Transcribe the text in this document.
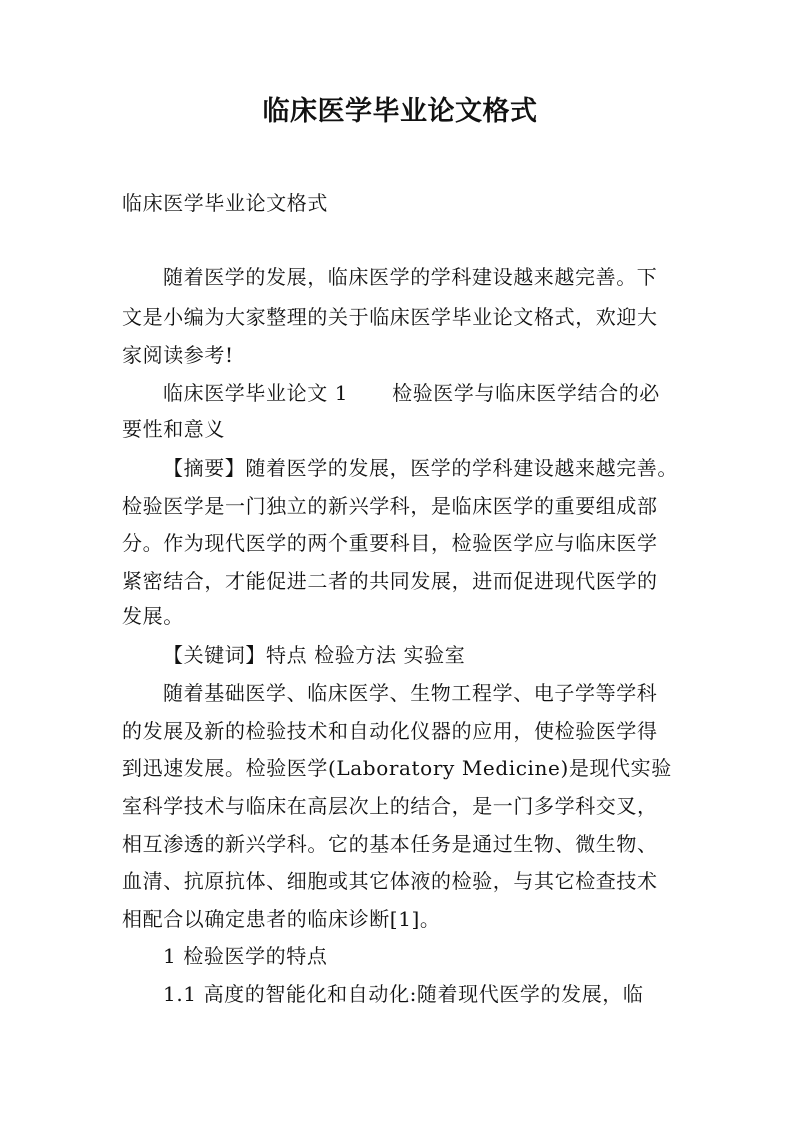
临床医学毕业论文格式
临床医学毕业论文格式
随着医学的发展，临床医学的学科建设越来越完善。下
文是小编为大家整理的关于临床医学毕业论文格式，欢迎大
家阅读参考!
临床医学毕业论文 1 检验医学与临床医学结合的必
要性和意义
【摘要】随着医学的发展，医学的学科建设越来越完善。
检验医学是一门独立的新兴学科，是临床医学的重要组成部
分。作为现代医学的两个重要科目，检验医学应与临床医学
紧密结合，才能促进二者的共同发展，进而促进现代医学的
发展。
【关键词】特点 检验方法 实验室
随着基础医学、临床医学、生物工程学、电子学等学科
的发展及新的检验技术和自动化仪器的应用，使检验医学得
到迅速发展。检验医学(Laboratory Medicine)是现代实验
室科学技术与临床在高层次上的结合，是一门多学科交叉，
相互渗透的新兴学科。它的基本任务是通过生物、微生物、
血清、抗原抗体、细胞或其它体液的检验，与其它检查技术
相配合以确定患者的临床诊断[1]。
1 检验医学的特点
1.1 高度的智能化和自动化:随着现代医学的发展，临
